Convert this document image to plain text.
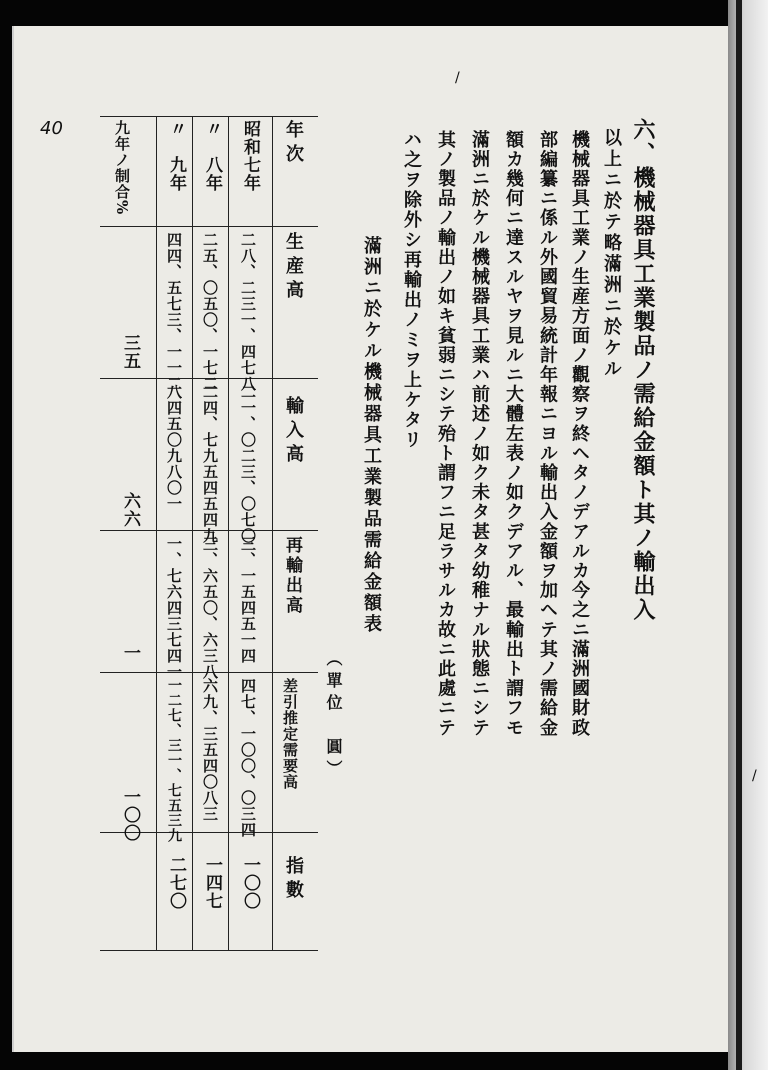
40
/
/
六、機械器具工業製品ノ需給金額ト其ノ輸出入
以上ニ於テ略滿洲ニ於ケル
機械器具工業ノ生産方面ノ觀察ヲ終ヘタノデアルカ今之ニ滿洲國財政
部編纂ニ係ル外國貿易統計年報ニヨル輸出入金額ヲ加ヘテ其ノ需給金
額カ幾何ニ達スルヤヲ見ルニ大體左表ノ如クデアル、最輸出ト謂フモ
滿洲ニ於ケル機械器具工業ハ前述ノ如ク未タ甚タ幼稚ナル狀態ニシテ
其ノ製品ノ輸出ノ如キ貧弱ニシテ殆ト謂フニ足ラサルカ故ニ此處ニテ
ハ之ヲ除外シ再輸出ノミヲ上ケタリ
滿洲ニ於ケル機械器具工業製品需給金額表
（單位　圓）
年次
生産高
輸入高
再輸出高
差引推定需要高
指數
昭和七年
二八、二三一、四七八
二一、〇二三、〇七〇
三、一五四五一四
四七、一〇〇、〇三四
一〇〇
〃　八年
二五、〇五〇、一七二
二四、七九五四五四九
三、六五〇、六三八
六九、三五四〇八三
一四七
〃　九年
四四、五七三、一一二
八四五〇九八〇一
一、七六四三七四一
一二七、三一、七五三九
二七〇
九年ノ制合%
三五
六六
一
一〇〇
